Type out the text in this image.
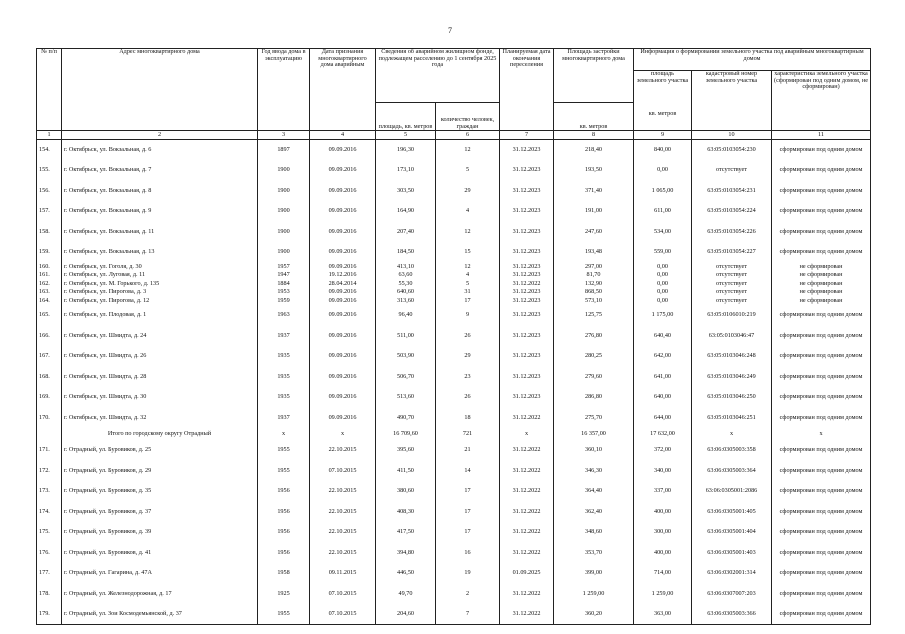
7
№ п/п	Адрес многоквартирного дома	Год ввода дома в эксплуатацию	Дата признания многоквартирного дома аварийным	Сведения об аварийном жилищном фонде, подлежащем расселению до 1 сентября 2025 года		Планируемая дата окончания переселения	Площадь застройки многоквартирного дома	Информация о формировании земельного участка под аварийным многоквартирным домом		

								площадь земельного участка
кв. метров	кадастровый номер земельного участка	характеристика земельного участка (сформирован под одним домом, не сформирован)
				площадь, кв. метров	количество человек, граждан		кв. метров			
1	2	3	4	5	6	7	8	9	10	11
154.	г. Октябрьск, ул. Вокзальная, д. 6	1897	09.09.2016	196,30	12	31.12.2023	218,40	840,00	63:05:0103054:230	сформирован под одним домом
155.	г. Октябрьск, ул. Вокзальная, д. 7	1900	09.09.2016	173,10	5	31.12.2023	193,50	0,00	отсутствует	сформирован под одним домом
156.	г. Октябрьск, ул. Вокзальная, д. 8	1900	09.09.2016	303,50	29	31.12.2023	371,40	1 065,00	63:05:0103054:231	сформирован под одним домом
157.	г. Октябрьск, ул. Вокзальная, д. 9	1900	09.09.2016	164,90	4	31.12.2023	191,00	611,00	63:05:0103054:224	сформирован под одним домом
158.	г. Октябрьск, ул. Вокзальная, д. 11	1900	09.09.2016	207,40	12	31.12.2023	247,60	534,00	63:05:0103054:226	сформирован под одним домом
159.	г. Октябрьск, ул. Вокзальная, д. 13	1900	09.09.2016	184,50	15	31.12.2023	193,48	559,00	63:05:0103054:227	сформирован под одним домом
160.	г. Октябрьск, ул. Гоголя, д. 30	1957	09.09.2016	413,10	12	31.12.2023	297,00	0,00	отсутствует	не сформирован
161.	г. Октябрьск, ул. Луговая, д. 11	1947	19.12.2016	63,60	4	31.12.2023	81,70	0,00	отсутствует	не сформирован
162.	г. Октябрьск, ул. М. Горького, д. 135	1884	28.04.2014	55,30	5	31.12.2022	132,90	0,00	отсутствует	не сформирован
163.	г. Октябрьск, ул. Пирогова, д. 3	1953	09.09.2016	640,60	31	31.12.2023	868,50	0,00	отсутствует	не сформирован
164.	г. Октябрьск, ул. Пирогова, д. 12	1959	09.09.2016	313,60	17	31.12.2023	573,10	0,00	отсутствует	не сформирован
165.	г. Октябрьск, ул. Плодовая, д. 1	1963	09.09.2016	96,40	9	31.12.2023	125,75	1 175,00	63:05:0106010:219	сформирован под одним домом
166.	г. Октябрьск, ул. Шмидта, д. 24	1937	09.09.2016	511,00	26	31.12.2023	276,80	640,40	63:05:0103046:47	сформирован под одним домом
167.	г. Октябрьск, ул. Шмидта, д. 26	1935	09.09.2016	503,90	29	31.12.2023	280,25	642,00	63:05:0103046:248	сформирован под одним домом
168.	г. Октябрьск, ул. Шмидта, д. 28	1935	09.09.2016	506,70	23	31.12.2023	279,60	641,00	63:05:0103046:249	сформирован под одним домом
169.	г. Октябрьск, ул. Шмидта, д. 30	1935	09.09.2016	513,60	26	31.12.2023	286,80	640,00	63:05:0103046:250	сформирован под одним домом
170.	г. Октябрьск, ул. Шмидта, д. 32	1937	09.09.2016	490,70	18	31.12.2022	275,70	644,00	63:05:0103046:251	сформирован под одним домом
	Итого по городскому округу Отрадный	x	x	16 709,60	721	x	16 357,00	17 632,00	x	x
171.	г. Отрадный, ул. Буровиков, д. 25	1955	22.10.2015	395,60	21	31.12.2022	360,10	372,00	63:06:0305003:358	сформирован под одним домом
172.	г. Отрадный, ул. Буровиков, д. 29	1955	07.10.2015	411,50	14	31.12.2022	346,30	340,00	63:06:0305003:364	сформирован под одним домом
173.	г. Отрадный, ул. Буровиков, д. 35	1956	22.10.2015	380,60	17	31.12.2022	364,40	337,00	63:06:0305001:2086	сформирован под одним домом
174.	г. Отрадный, ул. Буровиков, д. 37	1956	22.10.2015	408,30	17	31.12.2022	362,40	400,00	63:06:0305001:405	сформирован под одним домом
175.	г. Отрадный, ул. Буровиков, д. 39	1956	22.10.2015	417,50	17	31.12.2022	348,60	300,00	63:06:0305001:404	сформирован под одним домом
176.	г. Отрадный, ул. Буровиков, д. 41	1956	22.10.2015	394,80	16	31.12.2022	353,70	400,00	63:06:0305001:403	сформирован под одним домом
177.	г. Отрадный, ул. Гагарина, д. 47А	1958	09.11.2015	446,50	19	01.09.2025	399,00	714,00	63:06:0302001:314	сформирован под одним домом
178.	г. Отрадный, ул. Железнодорожная, д. 17	1925	07.10.2015	49,70	2	31.12.2022	1 259,00	1 259,00	63:06:0307007:203	сформирован под одним домом
179.	г. Отрадный, ул. Зои Космодемьянской, д. 37	1955	07.10.2015	204,60	7	31.12.2022	360,20	363,00	63:06:0305003:366	сформирован под одним домом
